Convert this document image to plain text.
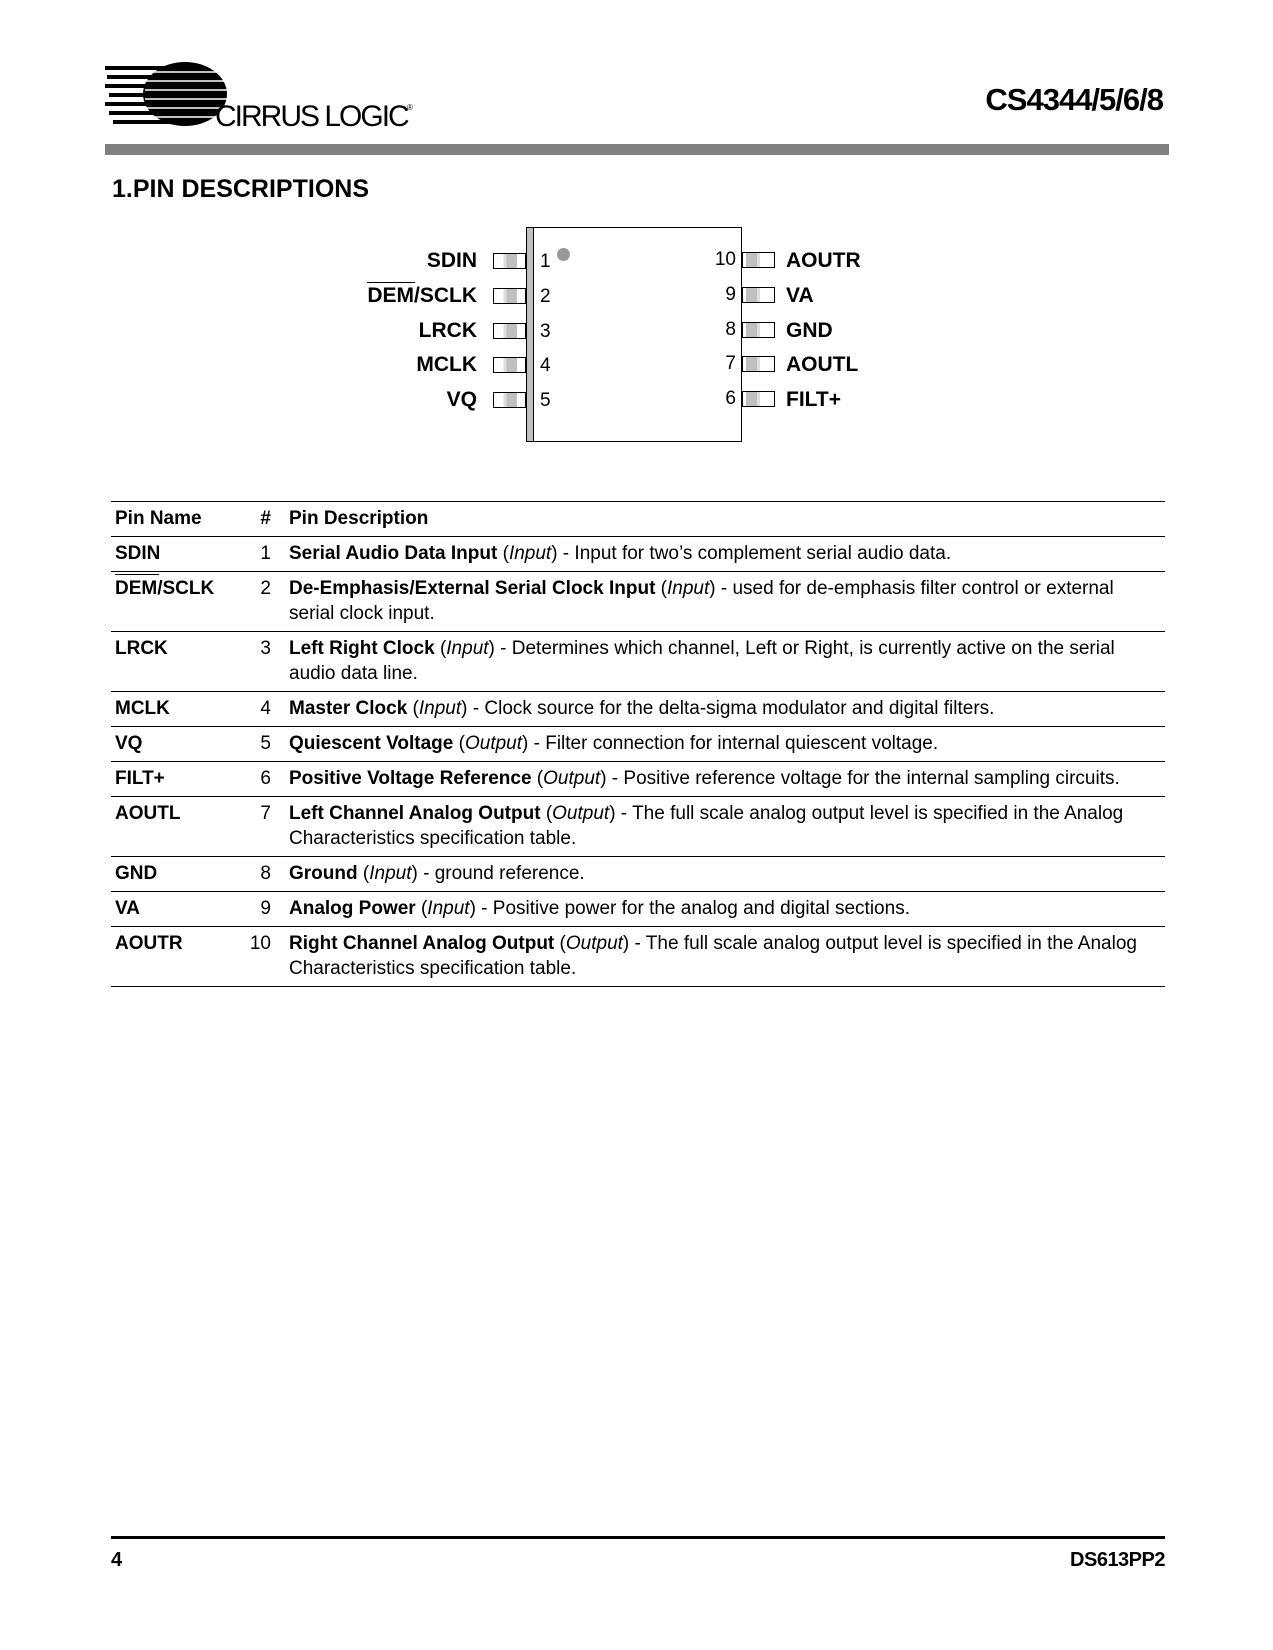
CIRRUS LOGIC ®	CS4344/5/6/8
1.PIN DESCRIPTIONS
SDIN
DEM/SCLK
LRCK
MCLK
VQ
1
2
3
4
5
10
9
8
7
6
AOUTR
VA
GND
AOUTL
FILT+
Pin Name	#	Pin Description
SDIN	1	Serial Audio Data Input (Input) - Input for two’s complement serial audio data.
DEM/SCLK	2	De-Emphasis/External Serial Clock Input (Input) - used for de-emphasis filter control or external serial clock input.
LRCK	3	Left Right Clock (Input) - Determines which channel, Left or Right, is currently active on the serial audio data line.
MCLK	4	Master Clock (Input) - Clock source for the delta-sigma modulator and digital filters.
VQ	5	Quiescent Voltage (Output) - Filter connection for internal quiescent voltage.
FILT+	6	Positive Voltage Reference (Output) - Positive reference voltage for the internal sampling circuits.
AOUTL	7	Left Channel Analog Output (Output) - The full scale analog output level is specified in the Analog Characteristics specification table.
GND	8	Ground (Input) - ground reference.
VA	9	Analog Power (Input) - Positive power for the analog and digital sections.
AOUTR	10	Right Channel Analog Output (Output) - The full scale analog output level is specified in the Analog Characteristics specification table.
4	DS613PP2
